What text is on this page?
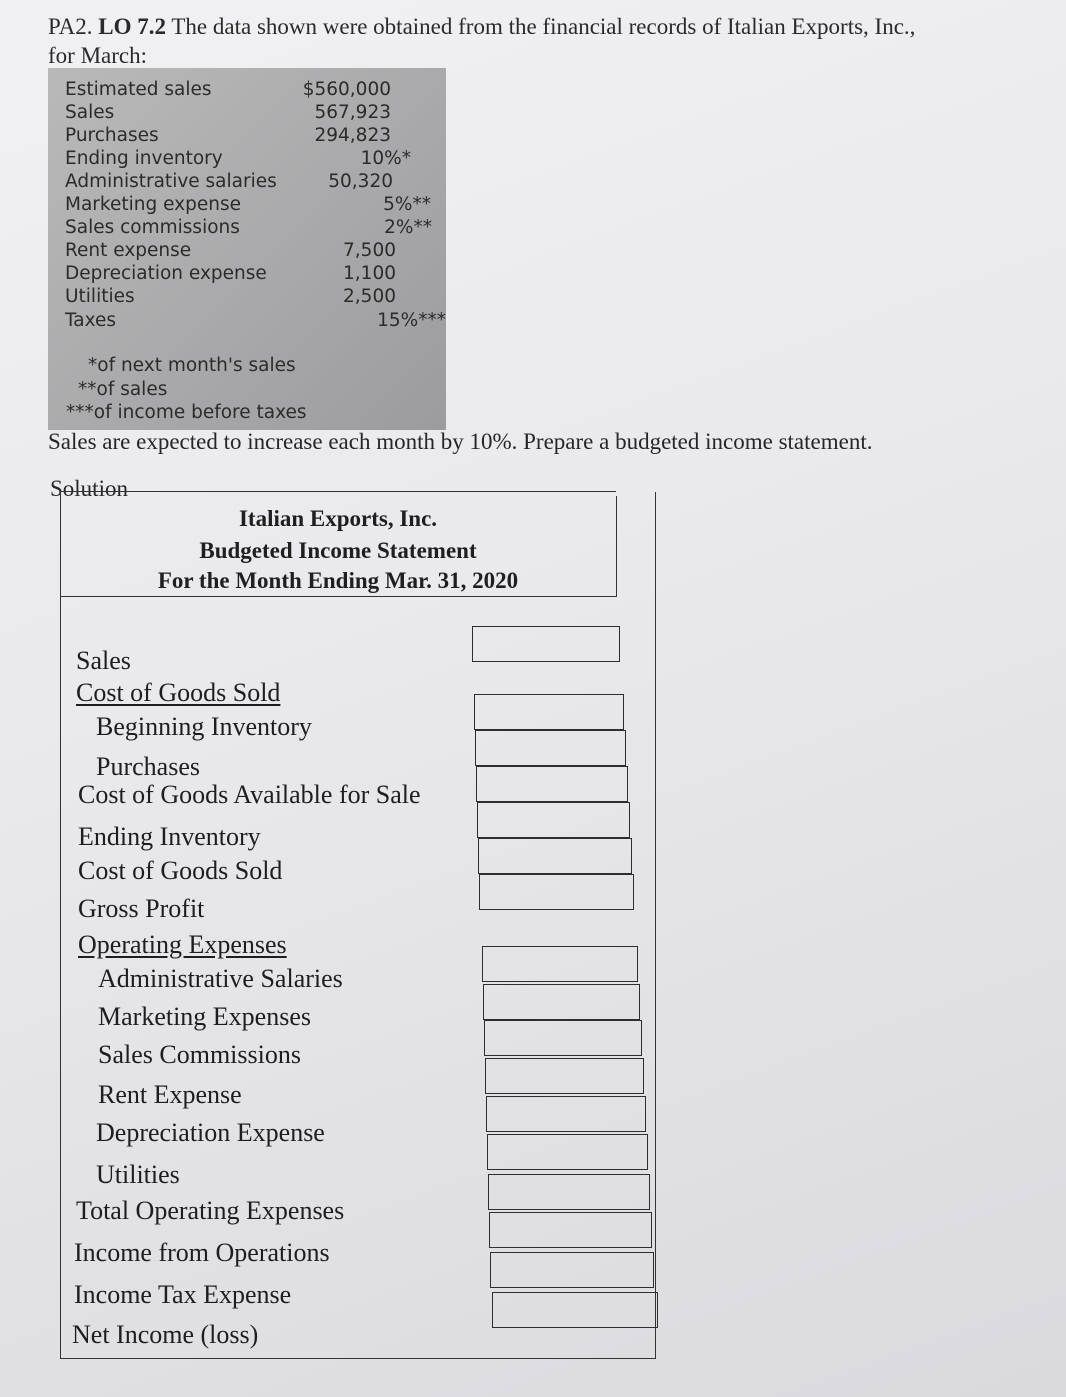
PA2. LO 7.2 The data shown were obtained from the financial records of Italian Exports, Inc.,
for March:
Estimated sales	$560,000
Sales	567,923
Purchases	294,823
Ending inventory	10%*
Administrative salaries	50,320
Marketing expense	5%**
Sales commissions	2%**
Rent expense	7,500
Depreciation expense	1,100
Utilities	2,500
Taxes	15%***
*of next month's sales
**of sales
***of income before taxes
Sales are expected to increase each month by 10%. Prepare a budgeted income statement.
Solution
Italian Exports, Inc.
Budgeted Income Statement
For the Month Ending Mar. 31, 2020
Sales
Cost of Goods Sold
Beginning Inventory
Purchases
Cost of Goods Available for Sale
Ending Inventory
Cost of Goods Sold
Gross Profit
Operating Expenses
Administrative Salaries
Marketing Expenses
Sales Commissions
Rent Expense
Depreciation Expense
Utilities
Total Operating Expenses
Income from Operations
Income Tax Expense
Net Income (loss)
